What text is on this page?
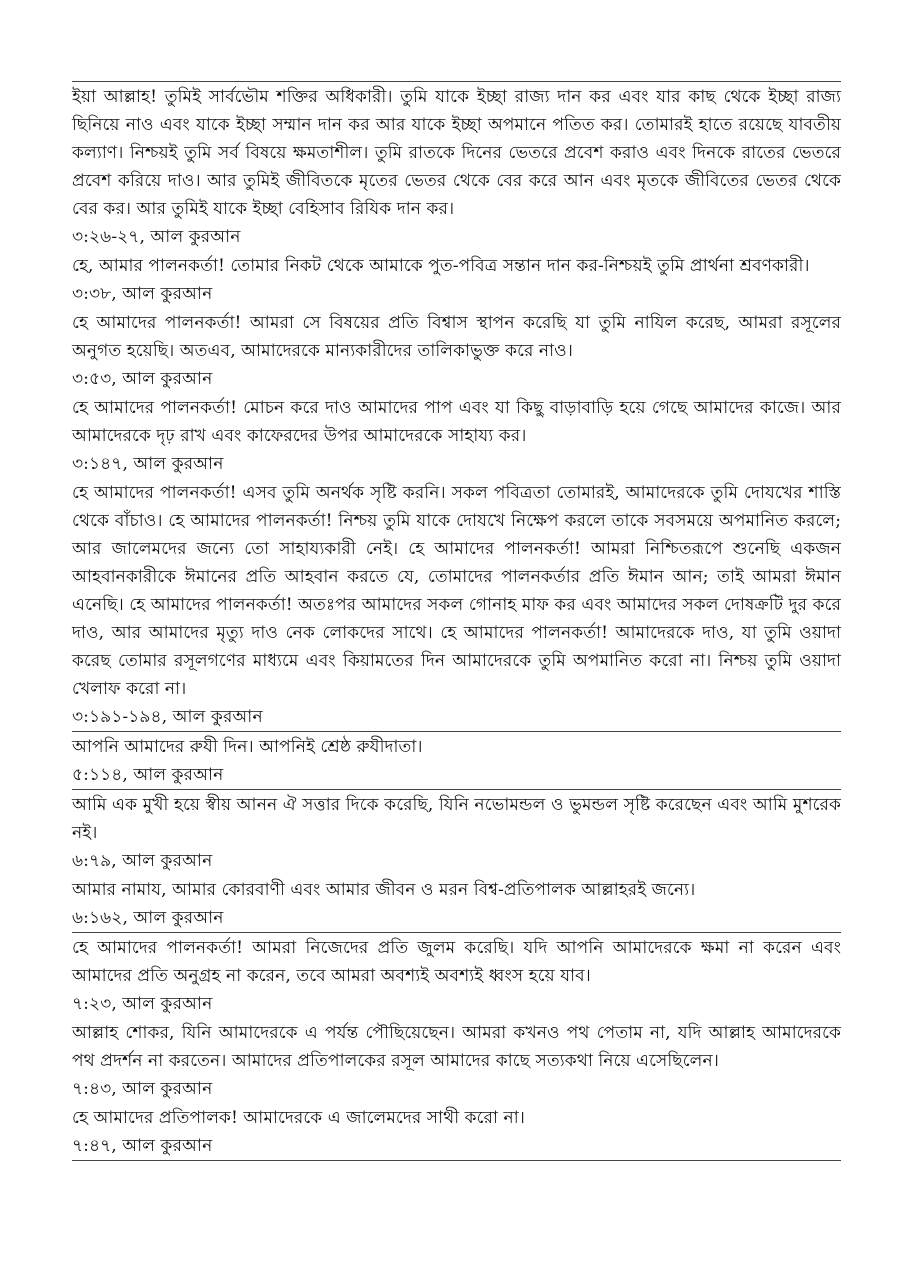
ইয়া আল্লাহ! তুমিই সার্বভৌম শক্তির অধিকারী। তুমি যাকে ইচ্ছা রাজ্য দান কর এবং যার কাছ থেকে ইচ্ছা রাজ্য ছিনিয়ে নাও এবং যাকে ইচ্ছা সম্মান দান কর আর যাকে ইচ্ছা অপমানে পতিত কর। তোমারই হাতে রয়েছে যাবতীয় কল্যাণ। নিশ্চয়ই তুমি সর্ব বিষয়ে ক্ষমতাশীল। তুমি রাতকে দিনের ভেতরে প্রবেশ করাও এবং দিনকে রাতের ভেতরে প্রবেশ করিয়ে দাও। আর তুমিই জীবিতকে মৃতের ভেতর থেকে বের করে আন এবং মৃতকে জীবিতের ভেতর থেকে বের কর। আর তুমিই যাকে ইচ্ছা বেহিসাব রিযিক দান কর।

৩:২৬-২৭, আল কুরআন

হে, আমার পালনকর্তা! তোমার নিকট থেকে আমাকে পুত-পবিত্র সন্তান দান কর-নিশ্চয়ই তুমি প্রার্থনা শ্রবণকারী।

৩:৩৮, আল কুরআন

হে আমাদের পালনকর্তা! আমরা সে বিষয়ের প্রতি বিশ্বাস স্থাপন করেছি যা তুমি নাযিল করেছ, আমরা রসূলের অনুগত হয়েছি। অতএব, আমাদেরকে মান্যকারীদের তালিকাভুক্ত করে নাও।

৩:৫৩, আল কুরআন

হে আমাদের পালনকর্তা! মোচন করে দাও আমাদের পাপ এবং যা কিছু বাড়াবাড়ি হয়ে গেছে আমাদের কাজে। আর আমাদেরকে দৃঢ় রাখ এবং কাফেরদের উপর আমাদেরকে সাহায্য কর।

৩:১৪৭, আল কুরআন

হে আমাদের পালনকর্তা! এসব তুমি অনর্থক সৃষ্টি করনি। সকল পবিত্রতা তোমারই, আমাদেরকে তুমি দোযখের শাস্তি থেকে বাঁচাও। হে আমাদের পালনকর্তা! নিশ্চয় তুমি যাকে দোযখে নিক্ষেপ করলে তাকে সবসময়ে অপমানিত করলে; আর জালেমদের জন্যে তো সাহায্যকারী নেই। হে আমাদের পালনকর্তা! আমরা নিশ্চিতরূপে শুনেছি একজন আহবানকারীকে ঈমানের প্রতি আহবান করতে যে, তোমাদের পালনকর্তার প্রতি ঈমান আন; তাই আমরা ঈমান এনেছি। হে আমাদের পালনকর্তা! অতঃপর আমাদের সকল গোনাহ মাফ কর এবং আমাদের সকল দোষক্রটি দুর করে দাও, আর আমাদের মৃত্যু দাও নেক লোকদের সাথে। হে আমাদের পালনকর্তা! আমাদেরকে দাও, যা তুমি ওয়াদা করেছ তোমার রসূলগণের মাধ্যমে এবং কিয়ামতের দিন আমাদেরকে তুমি অপমানিত করো না। নিশ্চয় তুমি ওয়াদা খেলাফ করো না।

৩:১৯১-১৯৪, আল কুরআন

আপনি আমাদের রুযী দিন। আপনিই শ্রেষ্ঠ রুযীদাতা।

৫:১১৪, আল কুরআন

আমি এক মুখী হয়ে স্বীয় আনন ঐ সত্তার দিকে করেছি, যিনি নভোমন্ডল ও ভুমন্ডল সৃষ্টি করেছেন এবং আমি মুশরেক নই।

৬:৭৯, আল কুরআন

আমার নামায, আমার কোরবাণী এবং আমার জীবন ও মরন বিশ্ব-প্রতিপালক আল্লাহরই জন্যে।

৬:১৬২, আল কুরআন

হে আমাদের পালনকর্তা! আমরা নিজেদের প্রতি জুলম করেছি। যদি আপনি আমাদেরকে ক্ষমা না করেন এবং আমাদের প্রতি অনুগ্রহ না করেন, তবে আমরা অবশ্যই অবশ্যই ধ্বংস হয়ে যাব।

৭:২৩, আল কুরআন

আল্লাহ শোকর, যিনি আমাদেরকে এ পর্যন্ত পৌছিয়েছেন। আমরা কখনও পথ পেতাম না, যদি আল্লাহ আমাদেরকে পথ প্রদর্শন না করতেন। আমাদের প্রতিপালকের রসূল আমাদের কাছে সত্যকথা নিয়ে এসেছিলেন।

৭:৪৩, আল কুরআন

হে আমাদের প্রতিপালক! আমাদেরকে এ জালেমদের সাথী করো না।

৭:৪৭, আল কুরআন
